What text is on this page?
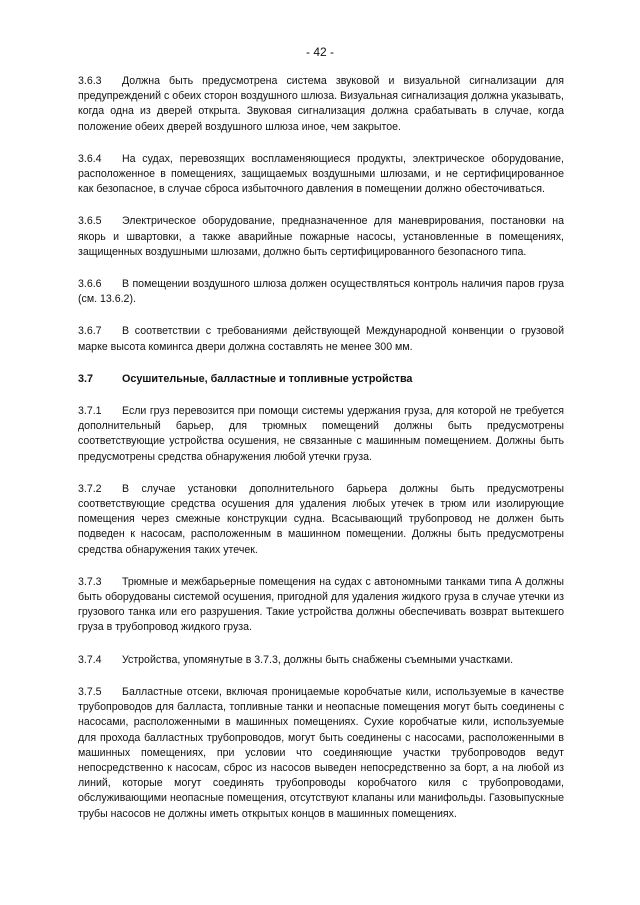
- 42 -

3.6.3 Должна быть предусмотрена система звуковой и визуальной сигнализации для предупреждений с обеих сторон воздушного шлюза. Визуальная сигнализация должна указывать, когда одна из дверей открыта. Звуковая сигнализация должна срабатывать в случае, когда положение обеих дверей воздушного шлюза иное, чем закрытое.

3.6.4 На судах, перевозящих воспламеняющиеся продукты, электрическое оборудование, расположенное в помещениях, защищаемых воздушными шлюзами, и не сертифицированное как безопасное, в случае сброса избыточного давления в помещении должно обесточиваться.

3.6.5 Электрическое оборудование, предназначенное для маневрирования, постановки на якорь и швартовки, а также аварийные пожарные насосы, установленные в помещениях, защищенных воздушными шлюзами, должно быть сертифицированного безопасного типа.

3.6.6 В помещении воздушного шлюза должен осуществляться контроль наличия паров груза (см. 13.6.2).

3.6.7 В соответствии с требованиями действующей Международной конвенции о грузовой марке высота комингса двери должна составлять не менее 300 мм.

3.7	Осушительные, балластные и топливные устройства

3.7.1 Если груз перевозится при помощи системы удержания груза, для которой не требуется дополнительный барьер, для трюмных помещений должны быть предусмотрены соответствующие устройства осушения, не связанные с машинным помещением. Должны быть предусмотрены средства обнаружения любой утечки груза.

3.7.2 В случае установки дополнительного барьера должны быть предусмотрены соответствующие средства осушения для удаления любых утечек в трюм или изолирующие помещения через смежные конструкции судна. Всасывающий трубопровод не должен быть подведен к насосам, расположенным в машинном помещении. Должны быть предусмотрены средства обнаружения таких утечек.

3.7.3 Трюмные и межбарьерные помещения на судах с автономными танками типа А должны быть оборудованы системой осушения, пригодной для удаления жидкого груза в случае утечки из грузового танка или его разрушения. Такие устройства должны обеспечивать возврат вытекшего груза в трубопровод жидкого груза.

3.7.4 Устройства, упомянутые в 3.7.3, должны быть снабжены съемными участками.

3.7.5 Балластные отсеки, включая проницаемые коробчатые кили, используемые в качестве трубопроводов для балласта, топливные танки и неопасные помещения могут быть соединены с насосами, расположенными в машинных помещениях. Сухие коробчатые кили, используемые для прохода балластных трубопроводов, могут быть соединены с насосами, расположенными в машинных помещениях, при условии что соединяющие участки трубопроводов ведут непосредственно к насосам, сброс из насосов выведен непосредственно за борт, а на любой из линий, которые могут соединять трубопроводы коробчатого киля с трубопроводами, обслуживающими неопасные помещения, отсутствуют клапаны или манифольды. Газовыпускные трубы насосов не должны иметь открытых концов в машинных помещениях.
